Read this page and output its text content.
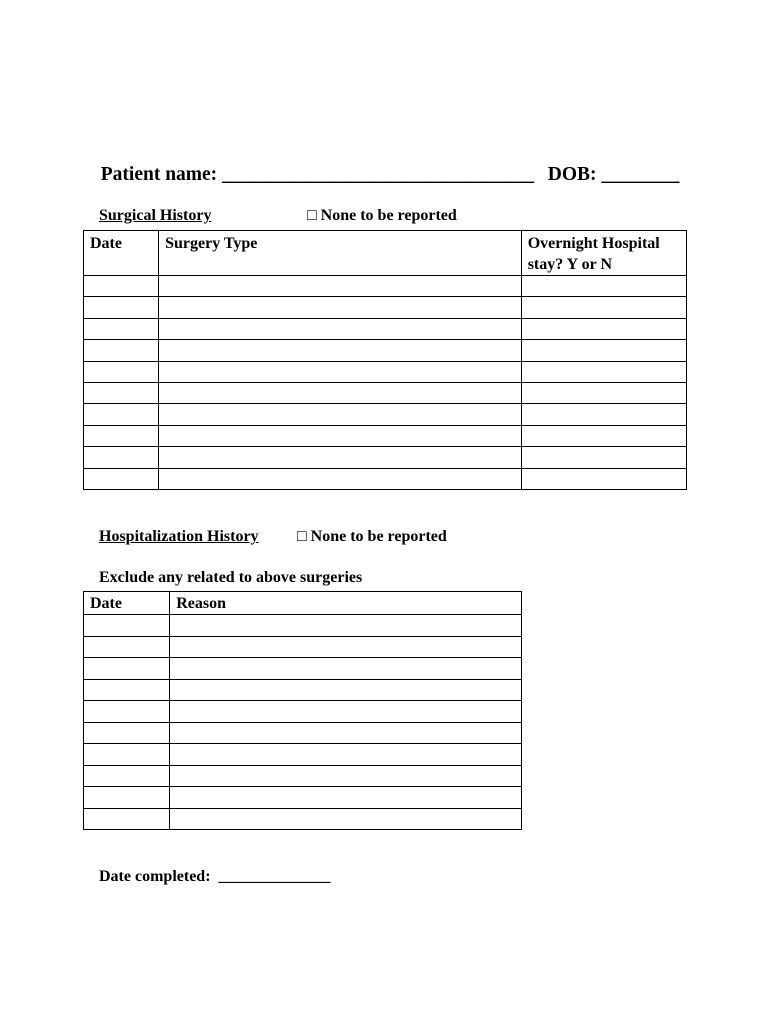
Patient name: ________________________________ DOB: ________

Surgical History	□ None to be reported

Date	Surgery Type	Overnight Hospital stay? Y or N

Hospitalization History	□ None to be reported

Exclude any related to above surgeries

Date	Reason

Date completed:  ______________
